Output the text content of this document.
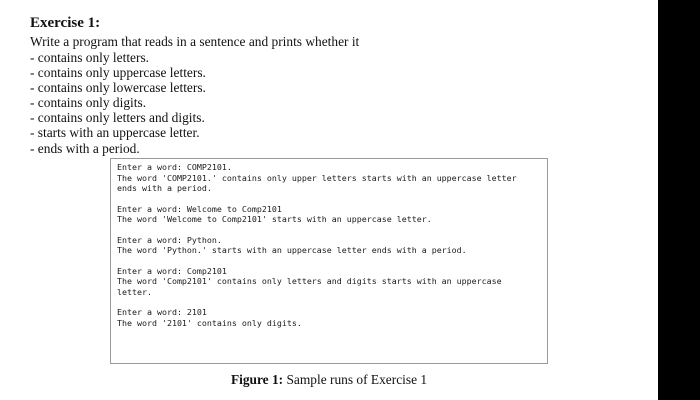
Exercise 1:
Write a program that reads in a sentence and prints whether it
- contains only letters.
- contains only uppercase letters.
- contains only lowercase letters.
- contains only digits.
- contains only letters and digits.
- starts with an uppercase letter.
- ends with a period.
Enter a word: COMP2101.
The word 'COMP2101.' contains only upper letters starts with an uppercase letter ends with a period.
Enter a word: Welcome to Comp2101
The word 'Welcome to Comp2101' starts with an uppercase letter.
Enter a word: Python.
The word 'Python.' starts with an uppercase letter ends with a period.
Enter a word: Comp2101
The word 'Comp2101' contains only letters and digits starts with an uppercase letter.
Enter a word: 2101
The word '2101' contains only digits.
Figure 1: Sample runs of Exercise 1
